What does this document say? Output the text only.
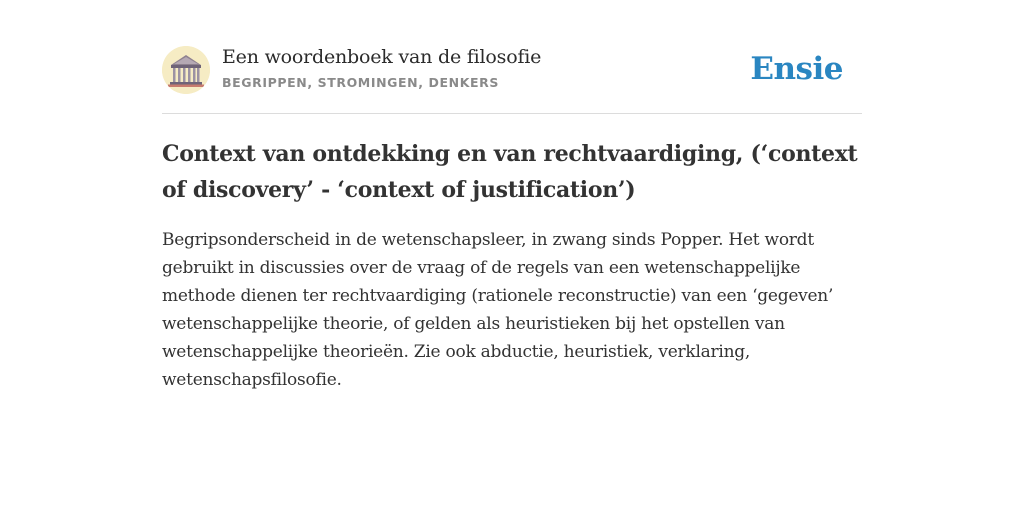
Een woordenboek van de filosofie
BEGRIPPEN, STROMINGEN, DENKERS	Ensie
Context van ontdekking en van rechtvaardiging, (‘context of discovery’ - ‘context of justification’)

Begripsonderscheid in de wetenschapsleer, in zwang sinds Popper. Het wordt gebruikt in discussies over de vraag of de regels van een wetenschappelijke methode dienen ter rechtvaardiging (rationele reconstructie) van een ‘gegeven’ wetenschappelijke theorie, of gelden als heuristieken bij het opstellen van wetenschappelijke theorieën. Zie ook abductie, heuristiek, verklaring, wetenschapsfilosofie.
